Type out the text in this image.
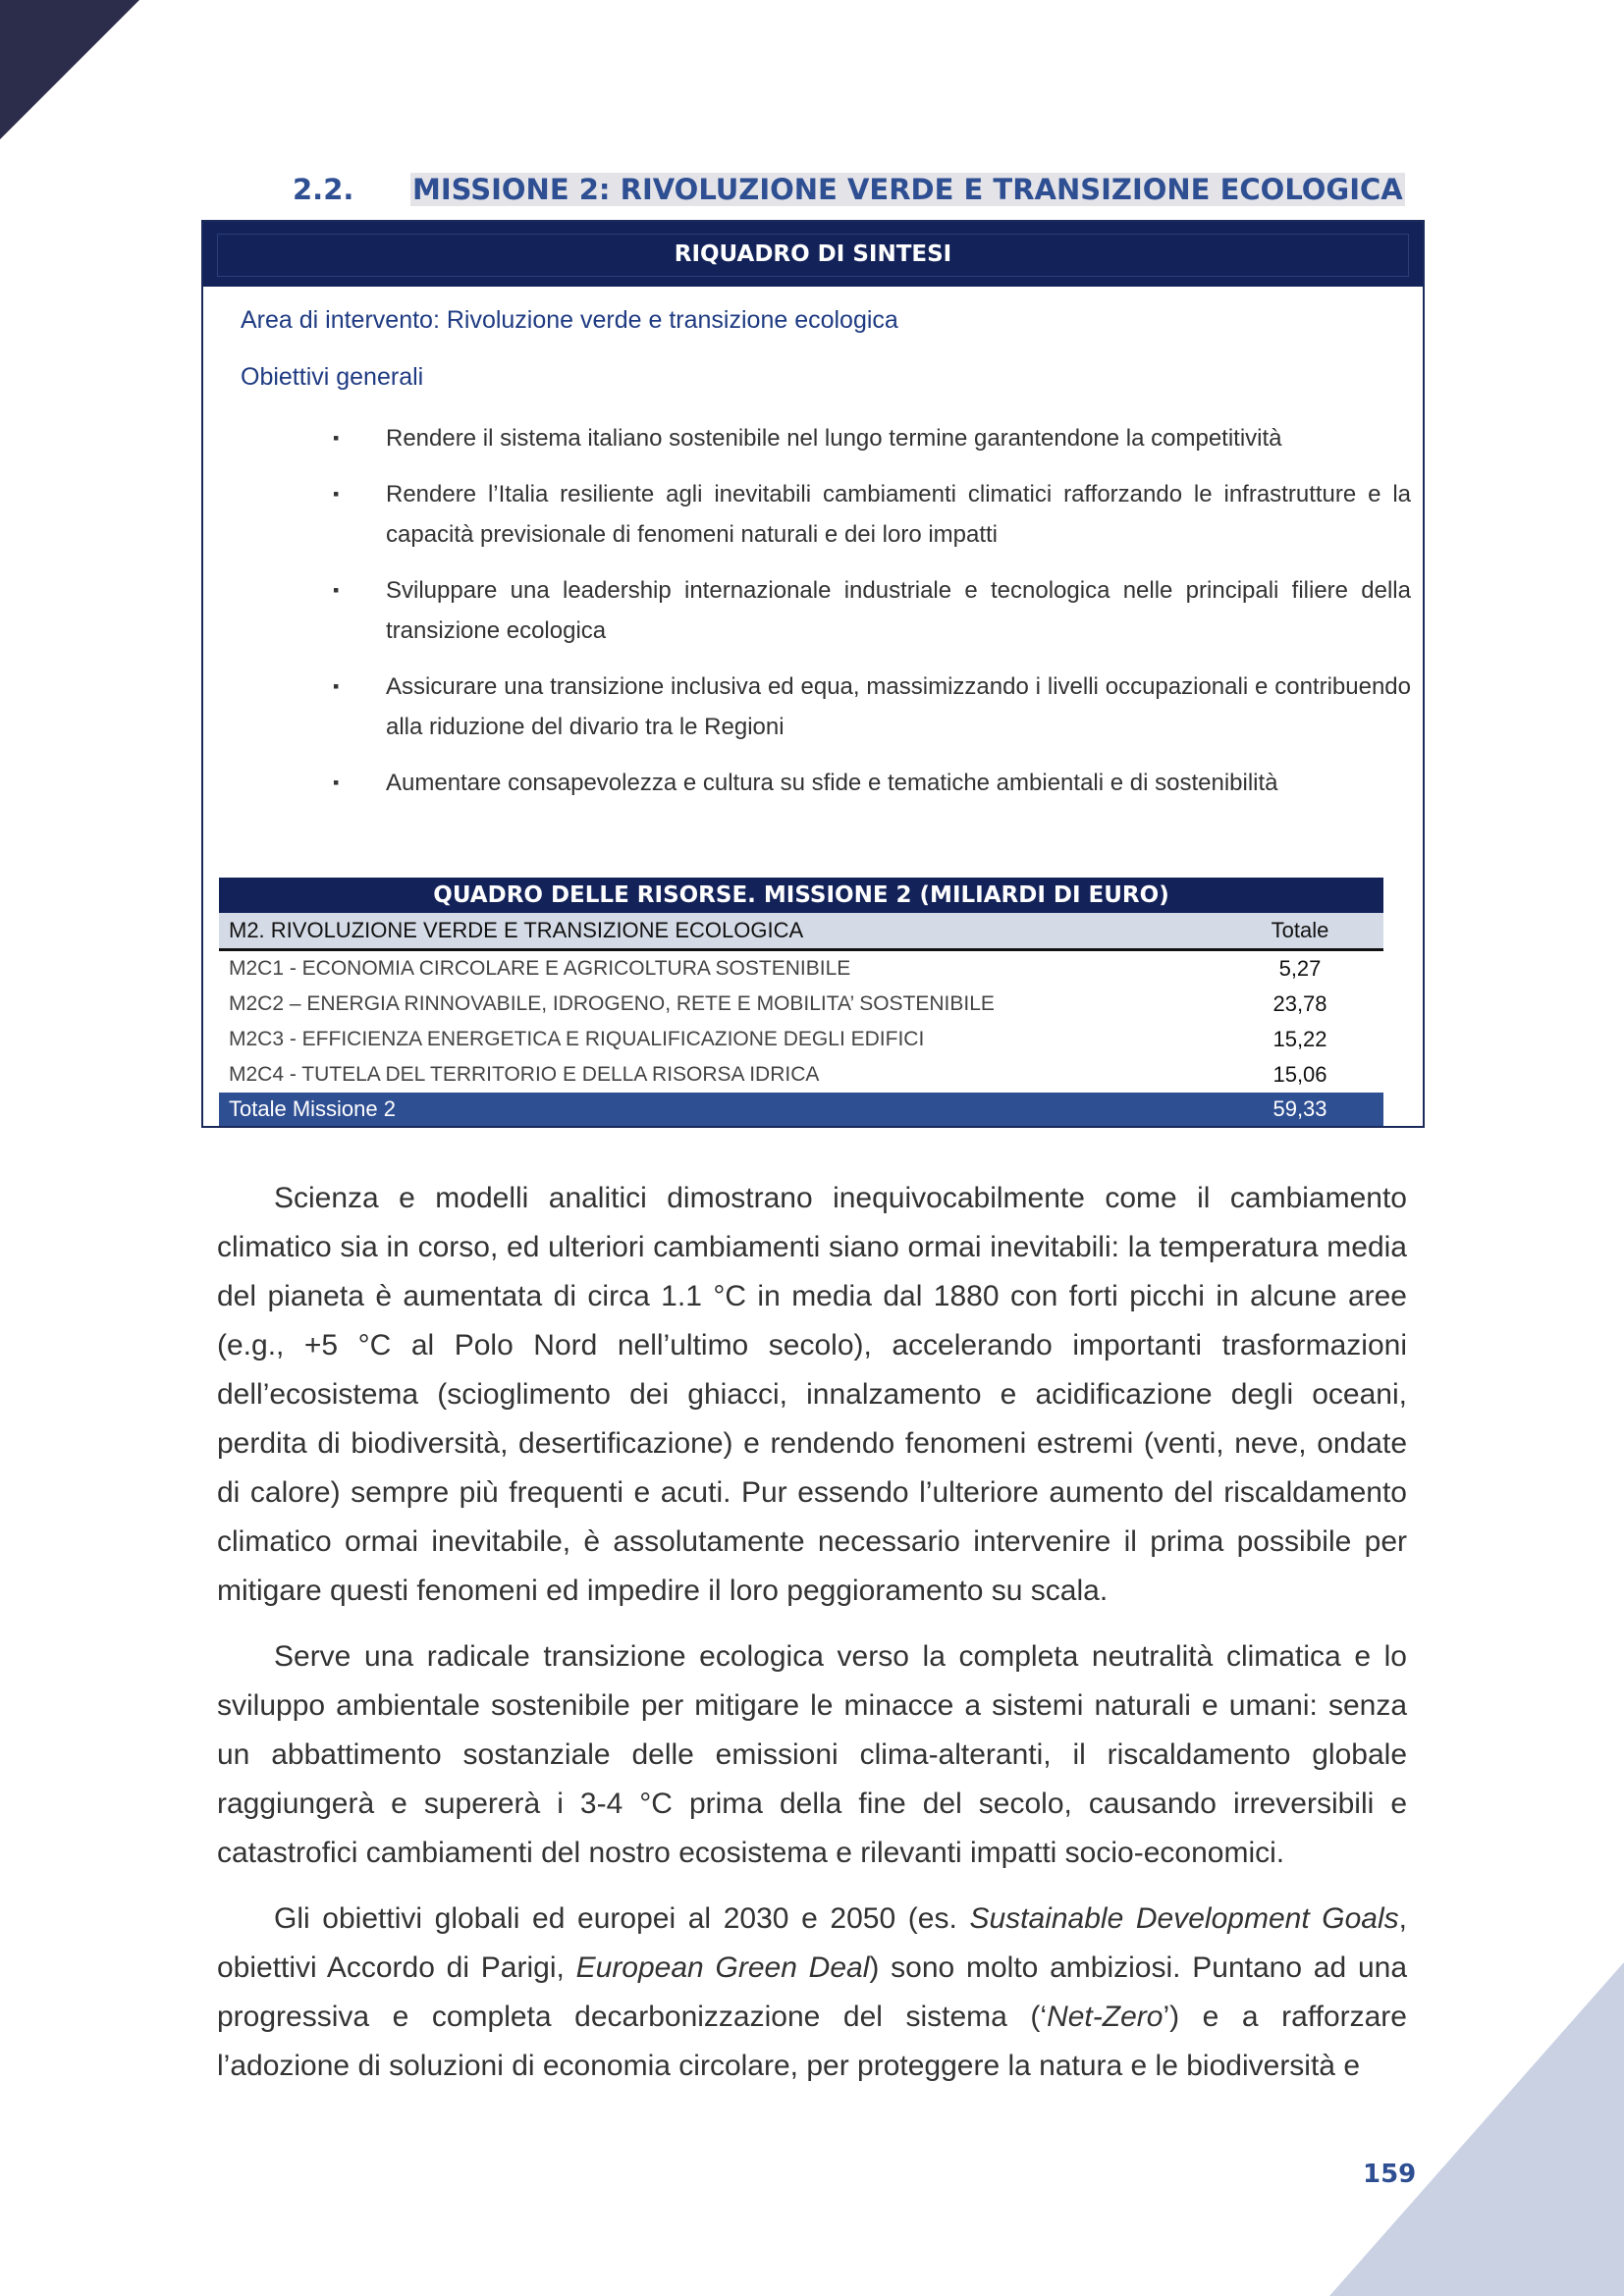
2.2. MISSIONE 2: RIVOLUZIONE VERDE E TRANSIZIONE ECOLOGICA
RIQUADRO DI SINTESI
Area di intervento: Rivoluzione verde e transizione ecologica
Obiettivi generali
▪ Rendere il sistema italiano sostenibile nel lungo termine garantendone la competitività
▪ Rendere l’Italia resiliente agli inevitabili cambiamenti climatici rafforzando le infrastrutture e la capacità previsionale di fenomeni naturali e dei loro impatti
▪ Sviluppare una leadership internazionale industriale e tecnologica nelle principali filiere della transizione ecologica
▪ Assicurare una transizione inclusiva ed equa, massimizzando i livelli occupazionali e contribuendo alla riduzione del divario tra le Regioni
▪ Aumentare consapevolezza e cultura su sfide e tematiche ambientali e di sostenibilità
QUADRO DELLE RISORSE. MISSIONE 2 (MILIARDI DI EURO)	
M2. RIVOLUZIONE VERDE E TRANSIZIONE ECOLOGICA	Totale
M2C1 - ECONOMIA CIRCOLARE E AGRICOLTURA SOSTENIBILE	5,27
M2C2 – ENERGIA RINNOVABILE, IDROGENO, RETE E MOBILITA’ SOSTENIBILE	23,78
M2C3 - EFFICIENZA ENERGETICA E RIQUALIFICAZIONE DEGLI EDIFICI	15,22
M2C4 - TUTELA DEL TERRITORIO E DELLA RISORSA IDRICA	15,06
Totale Missione 2	59,33

Scienza e modelli analitici dimostrano inequivocabilmente come il cambiamento climatico sia in corso, ed ulteriori cambiamenti siano ormai inevitabili: la temperatura media del pianeta è aumentata di circa 1.1 °C in media dal 1880 con forti picchi in alcune aree (e.g., +5 °C al Polo Nord nell’ultimo secolo), accelerando importanti trasformazioni dell’ecosistema (scioglimento dei ghiacci, innalzamento e acidificazione degli oceani, perdita di biodiversità, desertificazione) e rendendo fenomeni estremi (venti, neve, ondate di calore) sempre più frequenti e acuti. Pur essendo l’ulteriore aumento del riscaldamento climatico ormai inevitabile, è assolutamente necessario intervenire il prima possibile per mitigare questi fenomeni ed impedire il loro peggioramento su scala.

Serve una radicale transizione ecologica verso la completa neutralità climatica e lo sviluppo ambientale sostenibile per mitigare le minacce a sistemi naturali e umani: senza un abbattimento sostanziale delle emissioni clima-alteranti, il riscaldamento globale raggiungerà e supererà i 3-4 °C prima della fine del secolo, causando irreversibili e catastrofici cambiamenti del nostro ecosistema e rilevanti impatti socio-economici.

Gli obiettivi globali ed europei al 2030 e 2050 (es. Sustainable Development Goals, obiettivi Accordo di Parigi, European Green Deal) sono molto ambiziosi. Puntano ad una progressiva e completa decarbonizzazione del sistema (‘Net-Zero’) e a rafforzare l’adozione di soluzioni di economia circolare, per proteggere la natura e le biodiversità e

159
